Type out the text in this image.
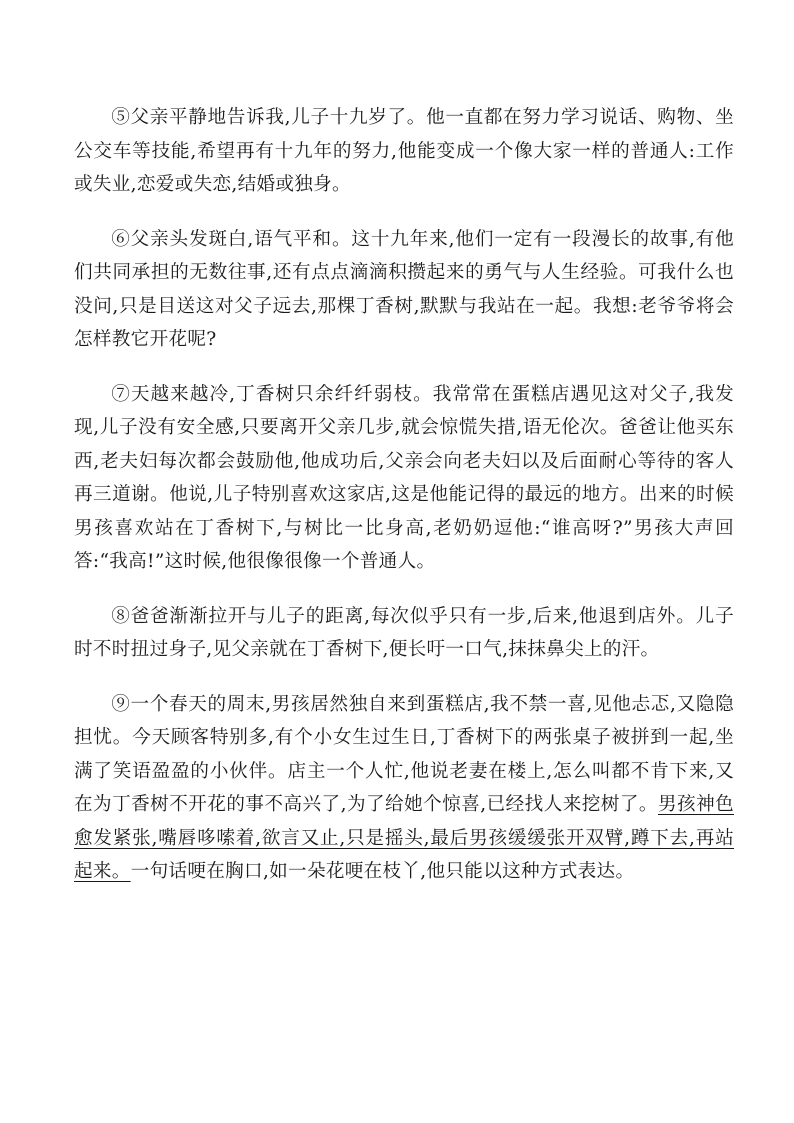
⑤父亲平静地告诉我,儿子十九岁了。他一直都在努力学习说话、购物、坐公交车等技能,希望再有十九年的努力,他能变成一个像大家一样的普通人:工作或失业,恋爱或失恋,结婚或独身。

⑥父亲头发斑白,语气平和。这十九年来,他们一定有一段漫长的故事,有他们共同承担的无数往事,还有点点滴滴积攒起来的勇气与人生经验。可我什么也没问,只是目送这对父子远去,那棵丁香树,默默与我站在一起。我想:老爷爷将会怎样教它开花呢?

⑦天越来越冷,丁香树只余纤纤弱枝。我常常在蛋糕店遇见这对父子,我发现,儿子没有安全感,只要离开父亲几步,就会惊慌失措,语无伦次。爸爸让他买东西,老夫妇每次都会鼓励他,他成功后,父亲会向老夫妇以及后面耐心等待的客人再三道谢。他说,儿子特别喜欢这家店,这是他能记得的最远的地方。出来的时候男孩喜欢站在丁香树下,与树比一比身高,老奶奶逗他:“谁高呀?”男孩大声回答:“我高!”这时候,他很像很像一个普通人。

⑧爸爸渐渐拉开与儿子的距离,每次似乎只有一步,后来,他退到店外。儿子时不时扭过身子,见父亲就在丁香树下,便长吁一口气,抹抹鼻尖上的汗。

⑨一个春天的周末,男孩居然独自来到蛋糕店,我不禁一喜,见他忐忑,又隐隐担忧。今天顾客特别多,有个小女生过生日,丁香树下的两张桌子被拼到一起,坐满了笑语盈盈的小伙伴。店主一个人忙,他说老妻在楼上,怎么叫都不肯下来,又在为丁香树不开花的事不高兴了,为了给她个惊喜,已经找人来挖树了。男孩神色愈发紧张,嘴唇哆嗦着,欲言又止,只是摇头,最后男孩缓缓张开双臂,蹲下去,再站起来。一句话哽在胸口,如一朵花哽在枝丫,他只能以这种方式表达。
